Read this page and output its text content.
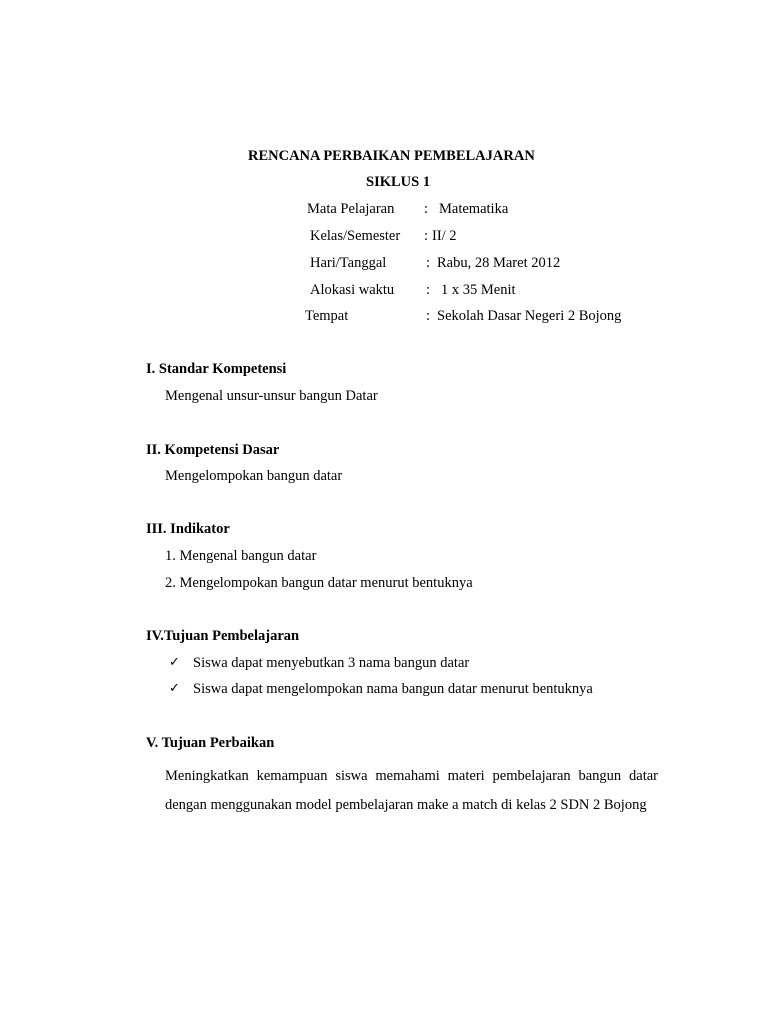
RENCANA PERBAIKAN PEMBELAJARAN
SIKLUS 1
Mata Pelajaran : Matematika
Kelas/Semester : II/ 2
Hari/Tanggal	: Rabu, 28 Maret 2012
Alokasi waktu : 1 x 35 Menit
Tempat	: Sekolah Dasar Negeri 2 Bojong
I. Standar Kompetensi
Mengenal unsur-unsur bangun Datar
II. Kompetensi Dasar
Mengelompokan bangun datar
III. Indikator
1. Mengenal bangun datar
2. Mengelompokan bangun datar menurut bentuknya
IV.Tujuan Pembelajaran
✓ Siswa dapat menyebutkan 3 nama bangun datar
✓ Siswa dapat mengelompokan nama bangun datar menurut bentuknya
V. Tujuan Perbaikan
Meningkatkan kemampuan siswa memahami materi pembelajaran bangun datar dengan menggunakan model pembelajaran make a match di kelas 2 SDN 2 Bojong
